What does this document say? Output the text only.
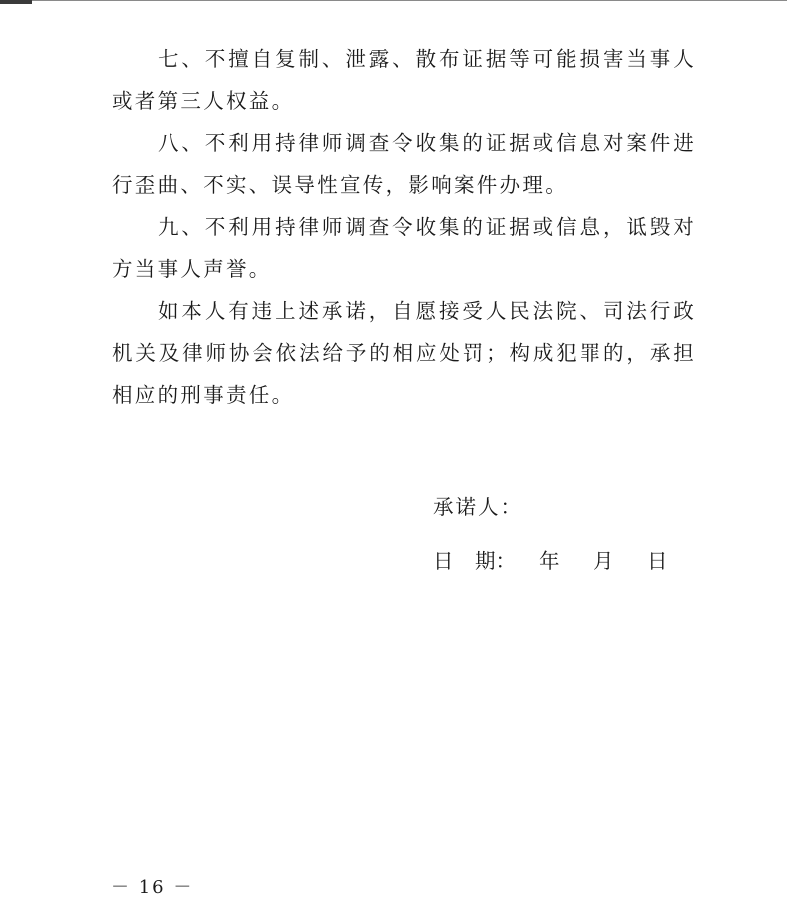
七、不擅自复制、泄露、散布证据等可能损害当事人或者第三人权益。

八、不利用持律师调查令收集的证据或信息对案件进行歪曲、不实、误导性宣传，影响案件办理。

九、不利用持律师调查令收集的证据或信息，诋毁对方当事人声誉。

如本人有违上述承诺，自愿接受人民法院、司法行政机关及律师协会依法给予的相应处罚；构成犯罪的，承担相应的刑事责任。

承诺人：
日 期： 年 月 日
－ 16 －
